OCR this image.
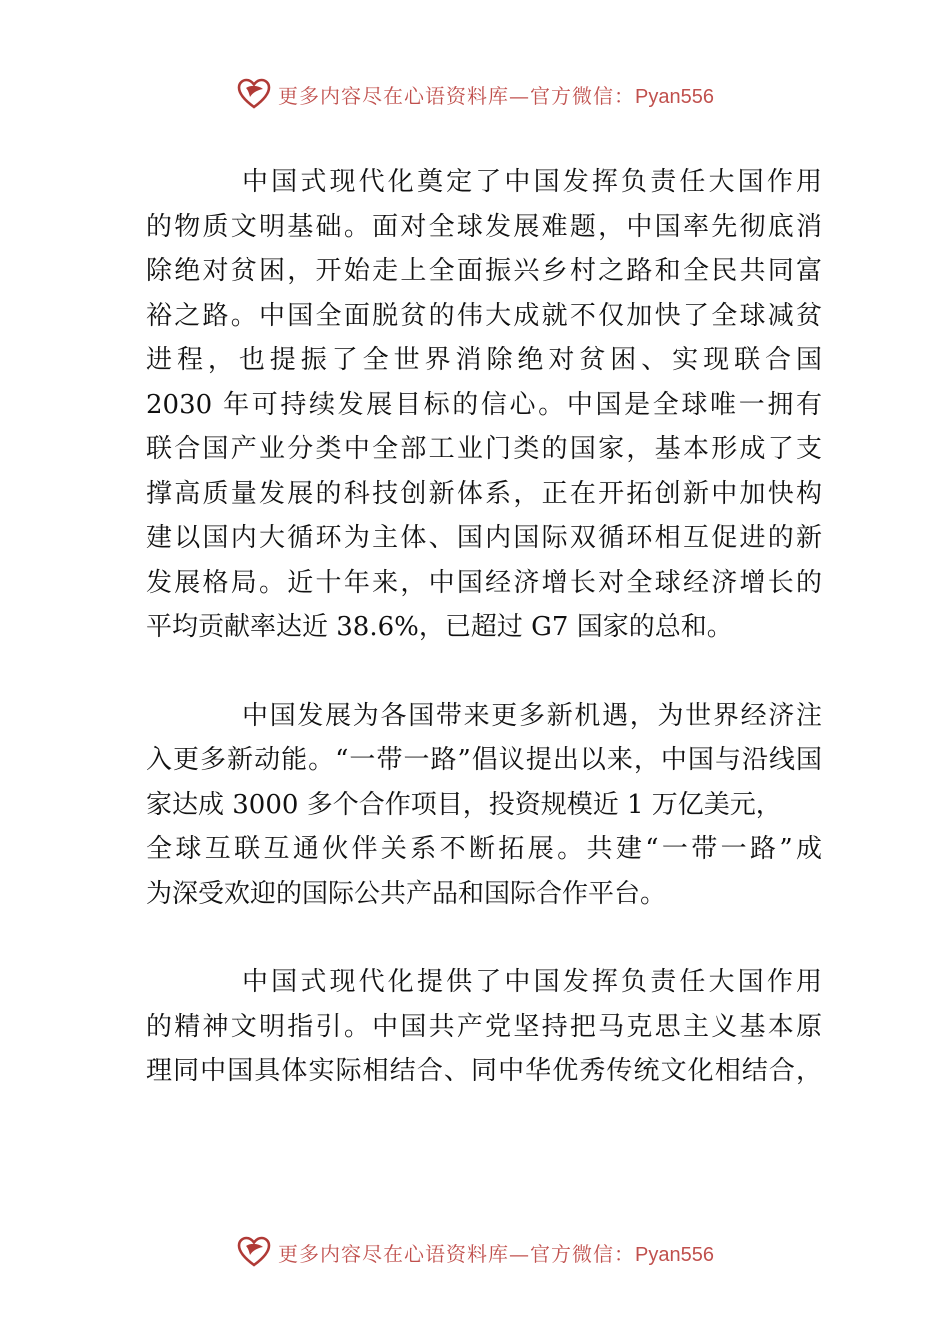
更多内容尽在心语资料库—官方微信：Pyan556
中国式现代化奠定了中国发挥负责任大国作用
的物质文明基础。面对全球发展难题，中国率先彻底消
除绝对贫困，开始走上全面振兴乡村之路和全民共同富
裕之路。中国全面脱贫的伟大成就不仅加快了全球减贫
进程，也提振了全世界消除绝对贫困、实现联合国
2030 年可持续发展目标的信心。中国是全球唯一拥有
联合国产业分类中全部工业门类的国家，基本形成了支
撑高质量发展的科技创新体系，正在开拓创新中加快构
建以国内大循环为主体、国内国际双循环相互促进的新
发展格局。近十年来，中国经济增长对全球经济增长的
平均贡献率达近 38.6%，已超过 G7 国家的总和。
中国发展为各国带来更多新机遇，为世界经济注
入更多新动能。“一带一路”倡议提出以来，中国与沿线国
家达成 3000 多个合作项目，投资规模近 1 万亿美元，
全球互联互通伙伴关系不断拓展。共建“一带一路”成
为深受欢迎的国际公共产品和国际合作平台。
中国式现代化提供了中国发挥负责任大国作用
的精神文明指引。中国共产党坚持把马克思主义基本原
理同中国具体实际相结合、同中华优秀传统文化相结合，
更多内容尽在心语资料库—官方微信：Pyan556
